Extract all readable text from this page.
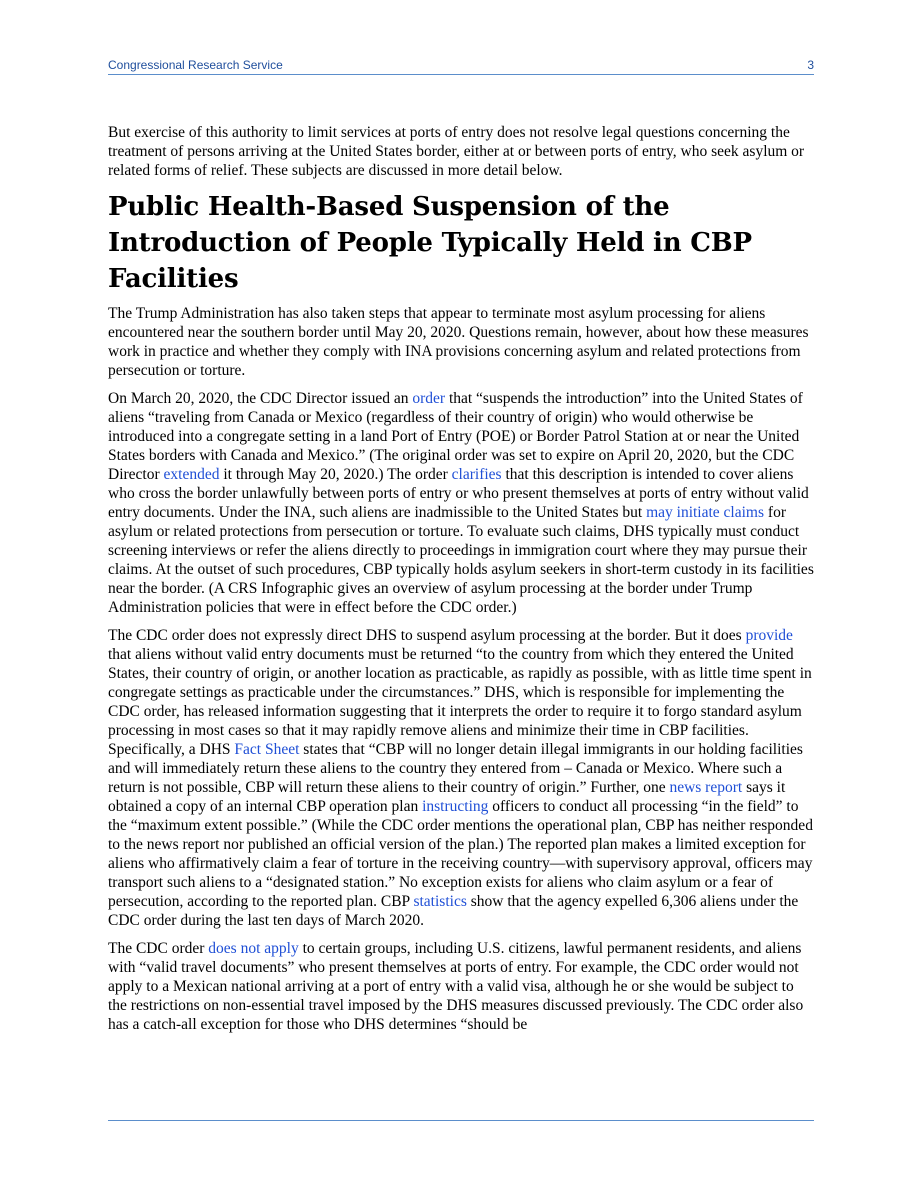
Congressional Research Service	3

But exercise of this authority to limit services at ports of entry does not resolve legal questions concerning the treatment of persons arriving at the United States border, either at or between ports of entry, who seek asylum or related forms of relief. These subjects are discussed in more detail below.

Public Health-Based Suspension of the Introduction of People Typically Held in CBP Facilities

The Trump Administration has also taken steps that appear to terminate most asylum processing for aliens encountered near the southern border until May 20, 2020. Questions remain, however, about how these measures work in practice and whether they comply with INA provisions concerning asylum and related protections from persecution or torture.

On March 20, 2020, the CDC Director issued an order that “suspends the introduction” into the United States of aliens “traveling from Canada or Mexico (regardless of their country of origin) who would otherwise be introduced into a congregate setting in a land Port of Entry (POE) or Border Patrol Station at or near the United States borders with Canada and Mexico.” (The original order was set to expire on April 20, 2020, but the CDC Director extended it through May 20, 2020.) The order clarifies that this description is intended to cover aliens who cross the border unlawfully between ports of entry or who present themselves at ports of entry without valid entry documents. Under the INA, such aliens are inadmissible to the United States but may initiate claims for asylum or related protections from persecution or torture. To evaluate such claims, DHS typically must conduct screening interviews or refer the aliens directly to proceedings in immigration court where they may pursue their claims. At the outset of such procedures, CBP typically holds asylum seekers in short-term custody in its facilities near the border. (A CRS Infographic gives an overview of asylum processing at the border under Trump Administration policies that were in effect before the CDC order.)

The CDC order does not expressly direct DHS to suspend asylum processing at the border. But it does provide that aliens without valid entry documents must be returned “to the country from which they entered the United States, their country of origin, or another location as practicable, as rapidly as possible, with as little time spent in congregate settings as practicable under the circumstances.” DHS, which is responsible for implementing the CDC order, has released information suggesting that it interprets the order to require it to forgo standard asylum processing in most cases so that it may rapidly remove aliens and minimize their time in CBP facilities. Specifically, a DHS Fact Sheet states that “CBP will no longer detain illegal immigrants in our holding facilities and will immediately return these aliens to the country they entered from – Canada or Mexico. Where such a return is not possible, CBP will return these aliens to their country of origin.” Further, one news report says it obtained a copy of an internal CBP operation plan instructing officers to conduct all processing “in the field” to the “maximum extent possible.” (While the CDC order mentions the operational plan, CBP has neither responded to the news report nor published an official version of the plan.) The reported plan makes a limited exception for aliens who affirmatively claim a fear of torture in the receiving country—with supervisory approval, officers may transport such aliens to a “designated station.” No exception exists for aliens who claim asylum or a fear of persecution, according to the reported plan. CBP statistics show that the agency expelled 6,306 aliens under the CDC order during the last ten days of March 2020.

The CDC order does not apply to certain groups, including U.S. citizens, lawful permanent residents, and aliens with “valid travel documents” who present themselves at ports of entry. For example, the CDC order would not apply to a Mexican national arriving at a port of entry with a valid visa, although he or she would be subject to the restrictions on non-essential travel imposed by the DHS measures discussed previously. The CDC order also has a catch-all exception for those who DHS determines “should be
